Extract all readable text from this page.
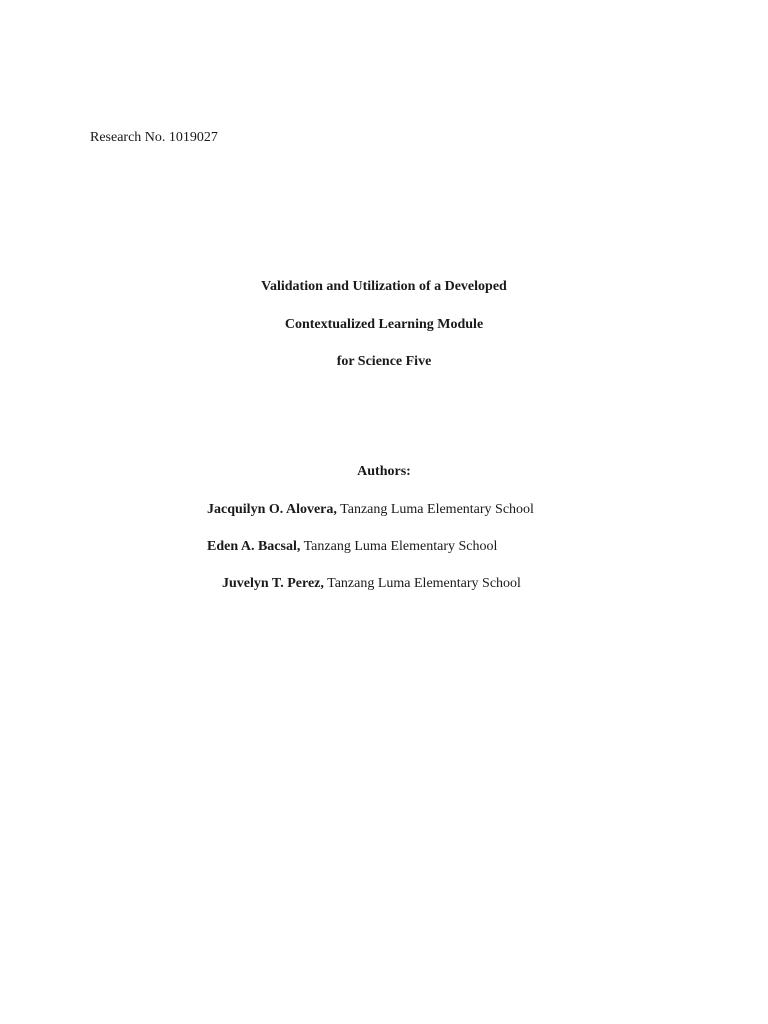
Research No. 1019027
Validation and Utilization of a Developed
Contextualized Learning Module
for Science Five
Authors:
Jacquilyn O. Alovera, Tanzang Luma Elementary School
Eden A. Bacsal, Tanzang Luma Elementary School
Juvelyn T. Perez, Tanzang Luma Elementary School
